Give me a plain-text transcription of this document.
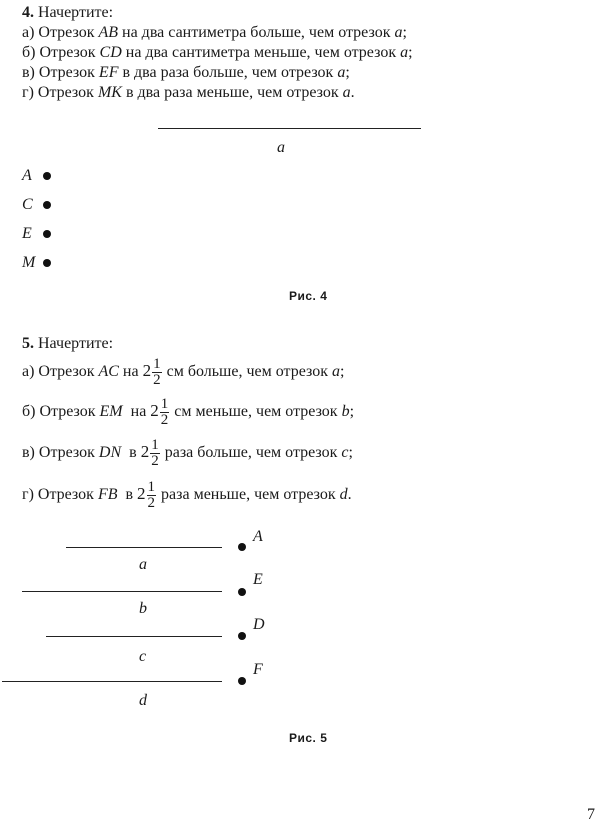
4. Начертите:
а) Отрезок AB на два сантиметра больше, чем отрезок a;
б) Отрезок CD на два сантиметра меньше, чем отрезок a;
в) Отрезок EF в два раза больше, чем отрезок a;
г) Отрезок MK в два раза меньше, чем отрезок a.
a
A
C
E
M
Рис. 4
5. Начертите:
а) Отрезок AC на $2 \frac{1}{2}$ см больше, чем отрезок a;
б) Отрезок EM  на $2 \frac{1}{2}$ см меньше, чем отрезок b;
в) Отрезок DN  в $2 \frac{1}{2}$ раза больше, чем отрезок c;
г) Отрезок FB  в $2 \frac{1}{2}$ раза меньше, чем отрезок d.
a
b
c
d
A
E
D
F
Рис. 5
7
